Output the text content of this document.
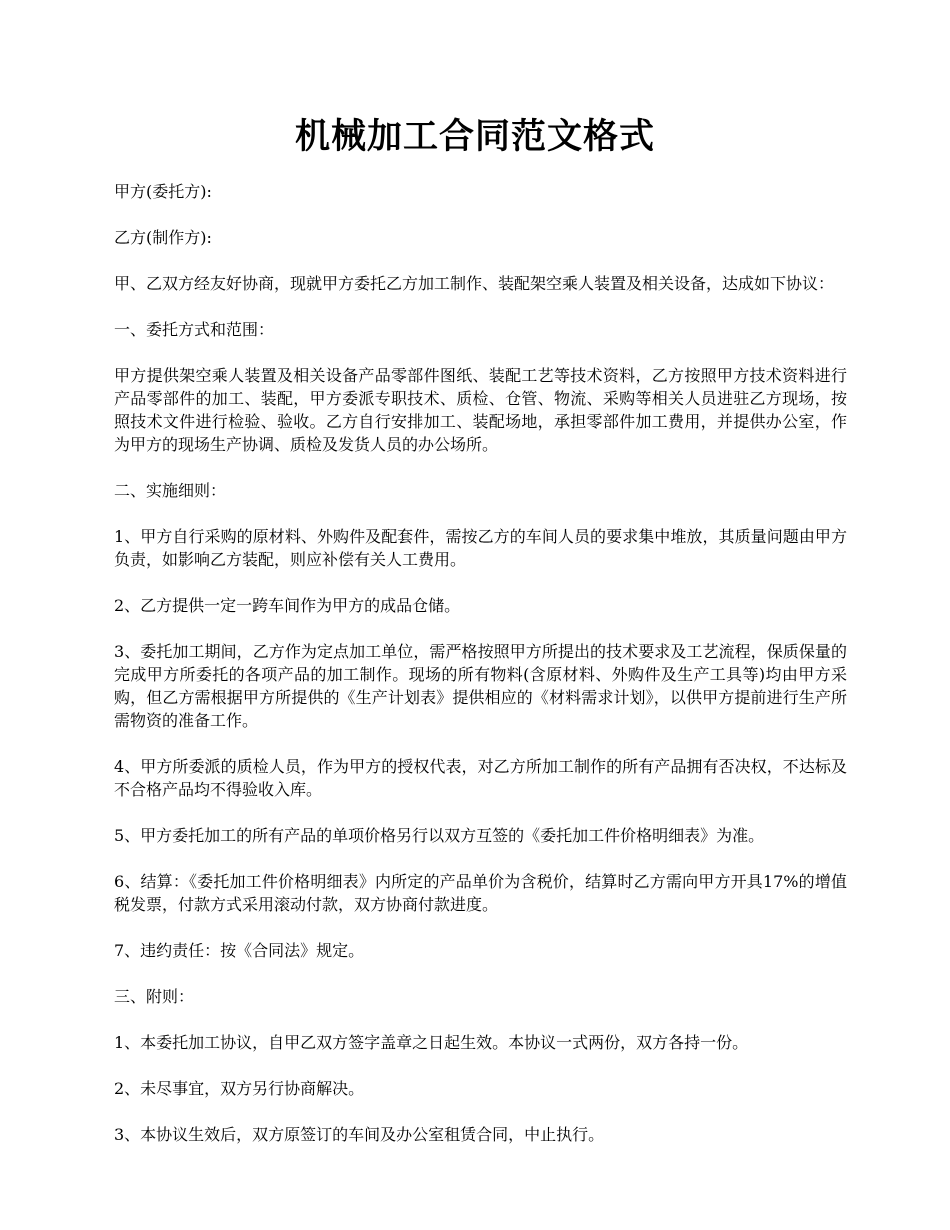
机械加工合同范文格式

甲方(委托方):

乙方(制作方):

甲、乙双方经友好协商，现就甲方委托乙方加工制作、装配架空乘人装置及相关设备，达成如下协议：

一、委托方式和范围：

甲方提供架空乘人装置及相关设备产品零部件图纸、装配工艺等技术资料，乙方按照甲方技术资料进行产品零部件的加工、装配，甲方委派专职技术、质检、仓管、物流、采购等相关人员进驻乙方现场，按照技术文件进行检验、验收。乙方自行安排加工、装配场地，承担零部件加工费用，并提供办公室，作为甲方的现场生产协调、质检及发货人员的办公场所。

二、实施细则：

1、甲方自行采购的原材料、外购件及配套件，需按乙方的车间人员的要求集中堆放，其质量问题由甲方负责，如影响乙方装配，则应补偿有关人工费用。

2、乙方提供一定一跨车间作为甲方的成品仓储。

3、委托加工期间，乙方作为定点加工单位，需严格按照甲方所提出的技术要求及工艺流程，保质保量的完成甲方所委托的各项产品的加工制作。现场的所有物料(含原材料、外购件及生产工具等)均由甲方采购，但乙方需根据甲方所提供的《生产计划表》提供相应的《材料需求计划》，以供甲方提前进行生产所需物资的准备工作。

4、甲方所委派的质检人员，作为甲方的授权代表，对乙方所加工制作的所有产品拥有否决权，不达标及不合格产品均不得验收入库。

5、甲方委托加工的所有产品的单项价格另行以双方互签的《委托加工件价格明细表》为准。

6、结算：《委托加工件价格明细表》内所定的产品单价为含税价，结算时乙方需向甲方开具17%的增值税发票，付款方式采用滚动付款，双方协商付款进度。

7、违约责任：按《合同法》规定。

三、附则：

1、本委托加工协议，自甲乙双方签字盖章之日起生效。本协议一式两份，双方各持一份。

2、未尽事宜，双方另行协商解决。

3、本协议生效后，双方原签订的车间及办公室租赁合同，中止执行。
